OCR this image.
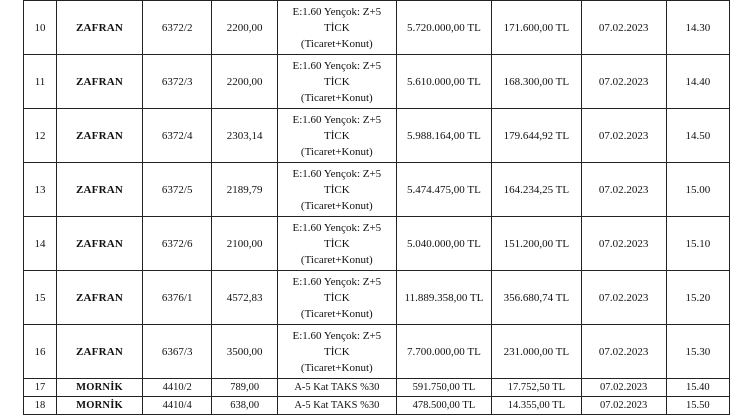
10	ZAFRAN	6372/2	2200,00	E:1.60 Yençok: Z+5
TİCK
(Ticaret+Konut)	5.720.000,00 TL	171.600,00 TL	07.02.2023	14.30
11	ZAFRAN	6372/3	2200,00	E:1.60 Yençok: Z+5
TİCK
(Ticaret+Konut)	5.610.000,00 TL	168.300,00 TL	07.02.2023	14.40
12	ZAFRAN	6372/4	2303,14	E:1.60 Yençok: Z+5
TİCK
(Ticaret+Konut)	5.988.164,00 TL	179.644,92 TL	07.02.2023	14.50
13	ZAFRAN	6372/5	2189,79	E:1.60 Yençok: Z+5
TİCK
(Ticaret+Konut)	5.474.475,00 TL	164.234,25 TL	07.02.2023	15.00
14	ZAFRAN	6372/6	2100,00	E:1.60 Yençok: Z+5
TİCK
(Ticaret+Konut)	5.040.000,00 TL	151.200,00 TL	07.02.2023	15.10
15	ZAFRAN	6376/1	4572,83	E:1.60 Yençok: Z+5
TİCK
(Ticaret+Konut)	11.889.358,00 TL	356.680,74 TL	07.02.2023	15.20
16	ZAFRAN	6367/3	3500,00	E:1.60 Yençok: Z+5
TİCK
(Ticaret+Konut)	7.700.000,00 TL	231.000,00 TL	07.02.2023	15.30
17	MORNİK	4410/2	789,00	A-5 Kat TAKS %30	591.750,00 TL	17.752,50 TL	07.02.2023	15.40
18	MORNİK	4410/4	638,00	A-5 Kat TAKS %30	478.500,00 TL	14.355,00 TL	07.02.2023	15.50
